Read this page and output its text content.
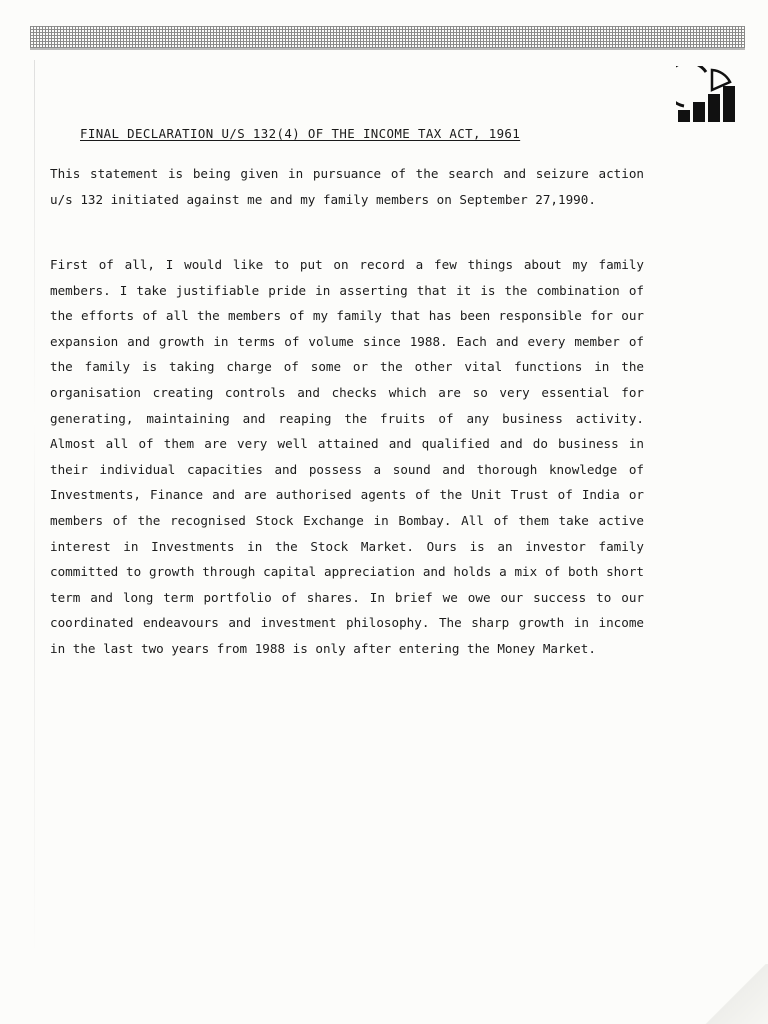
FINAL DECLARATION U/S 132(4) OF THE INCOME TAX ACT, 1961

This statement is being given in pursuance of the search and seizure action u/s 132 initiated against me and my family members on September 27,1990.

First of all, I would like to put on record a few things about my family members. I take justifiable pride in asserting that it is the combination of the efforts of all the members of my family that has been responsible for our expansion and growth in terms of volume since 1988. Each and every member of the family is taking charge of some or the other vital functions in the organisation creating controls and checks which are so very essential for generating, maintaining and reaping the fruits of any business activity. Almost all of them are very well attained and qualified and do business in their individual capacities and possess a sound and thorough knowledge of Investments, Finance and are authorised agents of the Unit Trust of India or members of the recognised Stock Exchange in Bombay. All of them take active interest in Investments in the Stock Market. Ours is an investor family committed to growth through capital appreciation and holds a mix of both short term and long term portfolio of shares. In brief we owe our success to our coordinated endeavours and investment philosophy. The sharp growth in income in the last two years from 1988 is only after entering the Money Market.
